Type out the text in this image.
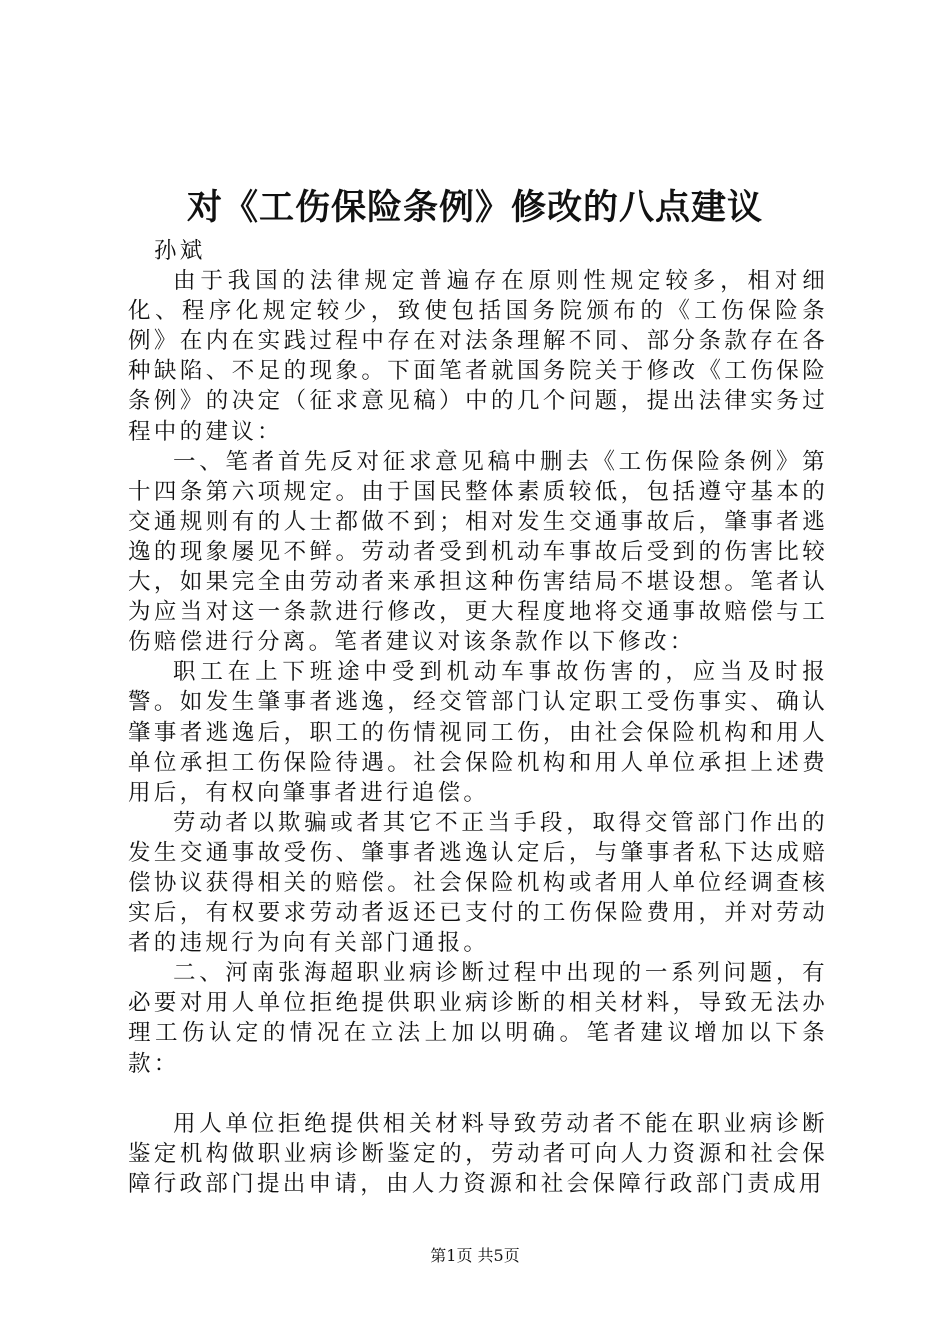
对《工伤保险条例》修改的八点建议

孙斌

由于我国的法律规定普遍存在原则性规定较多，相对细化、程序化规定较少，致使包括国务院颁布的《工伤保险条例》在内在实践过程中存在对法条理解不同、部分条款存在各种缺陷、不足的现象。下面笔者就国务院关于修改《工伤保险条例》的决定（征求意见稿）中的几个问题，提出法律实务过程中的建议：

一、笔者首先反对征求意见稿中删去《工伤保险条例》第十四条第六项规定。由于国民整体素质较低，包括遵守基本的交通规则有的人士都做不到；相对发生交通事故后，肇事者逃逸的现象屡见不鲜。劳动者受到机动车事故后受到的伤害比较大，如果完全由劳动者来承担这种伤害结局不堪设想。笔者认为应当对这一条款进行修改，更大程度地将交通事故赔偿与工伤赔偿进行分离。笔者建议对该条款作以下修改：

职工在上下班途中受到机动车事故伤害的，应当及时报警。如发生肇事者逃逸，经交管部门认定职工受伤事实、确认肇事者逃逸后，职工的伤情视同工伤，由社会保险机构和用人单位承担工伤保险待遇。社会保险机构和用人单位承担上述费用后，有权向肇事者进行追偿。

劳动者以欺骗或者其它不正当手段，取得交管部门作出的发生交通事故受伤、肇事者逃逸认定后，与肇事者私下达成赔偿协议获得相关的赔偿。社会保险机构或者用人单位经调查核实后，有权要求劳动者返还已支付的工伤保险费用，并对劳动者的违规行为向有关部门通报。

二、河南张海超职业病诊断过程中出现的一系列问题，有必要对用人单位拒绝提供职业病诊断的相关材料，导致无法办理工伤认定的情况在立法上加以明确。笔者建议增加以下条款：

用人单位拒绝提供相关材料导致劳动者不能在职业病诊断鉴定机构做职业病诊断鉴定的，劳动者可向人力资源和社会保障行政部门提出申请，由人力资源和社会保障行政部门责成用

第1页 共5页
